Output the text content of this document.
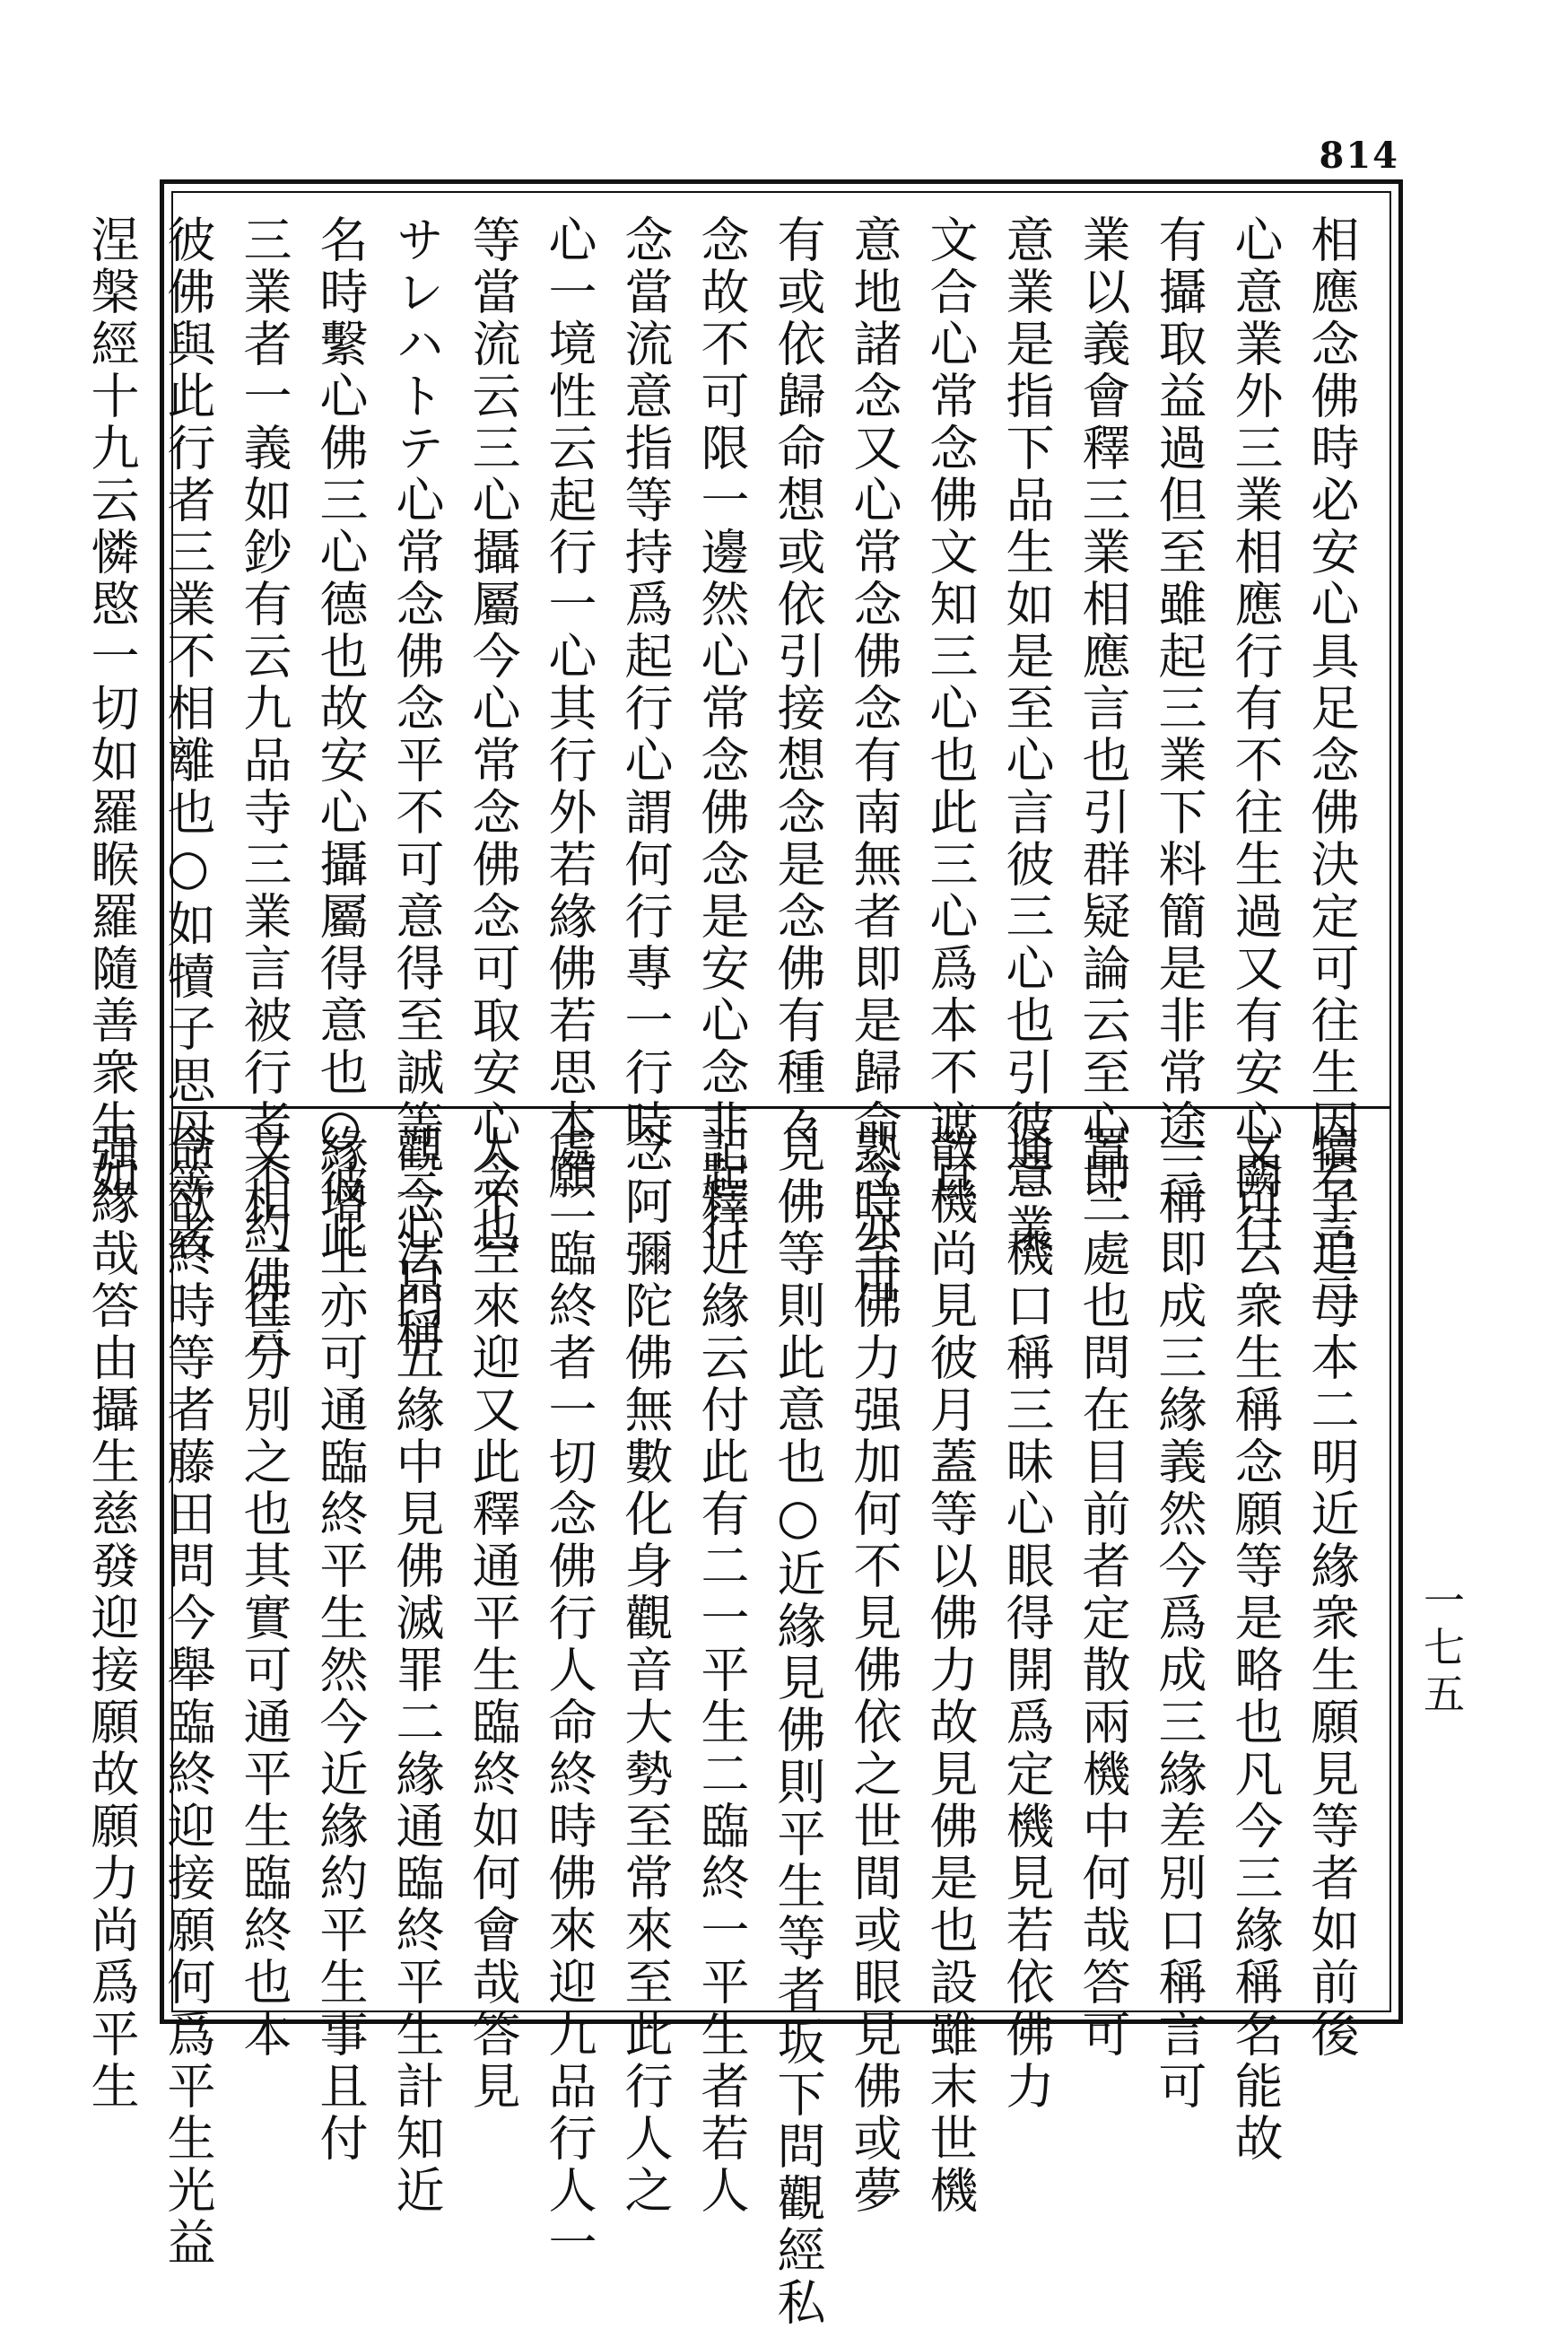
814
相應念佛時必安心具足念佛決定可往生因若言三
心意業外三業相應行有不往生過又有安心闕行
有攝取益過但至雖起三業下料簡是非常途三
業以義會釋三業相應言也引群疑論云至心即
意業是指下品生如是至心言彼三心也引彼意業
文合心常念佛文知三心也此三心爲本不遮亘
意地諸念又心常念佛念有南無者即是歸命念亦可
有或依歸命想或依引接想念是念佛有種々
念故不可限一邊然心常念佛念是安心念非起行
念當流意指等持爲起行心謂何行專一行時
心一境性云起行一心其行外若緣佛若思本願
等當流云三心攝屬今心常念佛念可取安心念也
サレハトテ心常念佛念平不可意得至誠等三心只稱
名時繫心佛三心德也故安心攝屬得意也○彼此
三業者一義如鈔有云九品寺三業言被行者不約佛言
彼佛與此行者三業不相離也○如犢子思母等者
涅槃經十九云憐愍一切如羅睺羅隨善衆生如
犢子追母本二明近緣衆生願見等者如前後
文可云衆生稱念願等是略也凡今三緣稱名能故
一稱即成三緣義然今爲成三緣差別口稱言可
置三處也問在目前者定散兩機中何哉答可
通二機口稱三昧心眼得開爲定機見若依佛力
散機尚見彼月蓋等以佛力故見佛是也設雖末世機
熟時至佛力强加何不見佛依之世間或眼見佛或夢
見佛等則此意也○近緣見佛則平生等者坂下問觀經私
記釋近緣云付此有二一平生二臨終一平生者若人
念阿彌陀佛無數化身觀音大勢至常來至此行人之
處二臨終者一切念佛行人命終時佛來迎九品行人一
人不空來迎又此釋通平生臨終如何會哉答見
觀念法門五緣中見佛滅罪二緣通臨終平生計知近
緣增上亦可通臨終平生然今近緣約平生事且付
文相一往分別之也其實可通平生臨終也本
命欲終時等者藤田問今舉臨終迎接願何爲平生光益
强緣哉答由攝生慈發迎接願故願力尚爲平生	一七五
